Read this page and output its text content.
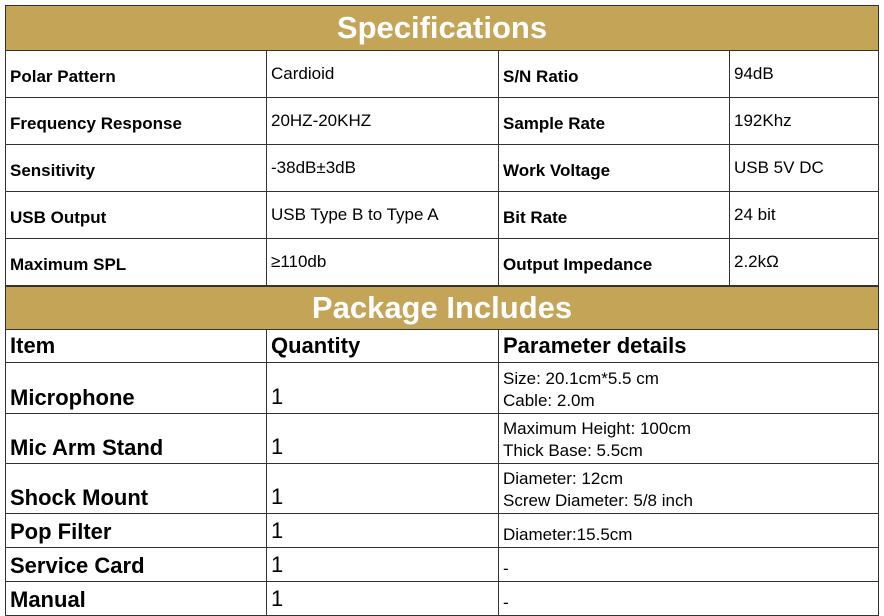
Specifications			
Polar Pattern	Cardioid	S/N Ratio	94dB
Frequency Response	20HZ-20KHZ	Sample Rate	192Khz
Sensitivity	-38dB±3dB	Work Voltage	USB 5V DC
USB Output	USB Type B to Type A	Bit Rate	24 bit
Maximum SPL	≥110db	Output Impedance	2.2kΩ
Package Includes		
Item	Quantity	Parameter details
Microphone	1	Size: 20.1cm*5.5 cm
Cable: 2.0m

Mic Arm Stand	1	Maximum Height: 100cm
Thick Base: 5.5cm

Shock Mount	1	Diameter: 12cm
Screw Diameter: 5/8 inch

Pop Filter	1	Diameter:15.5cm

Service Card	1	-

Manual	1	-
